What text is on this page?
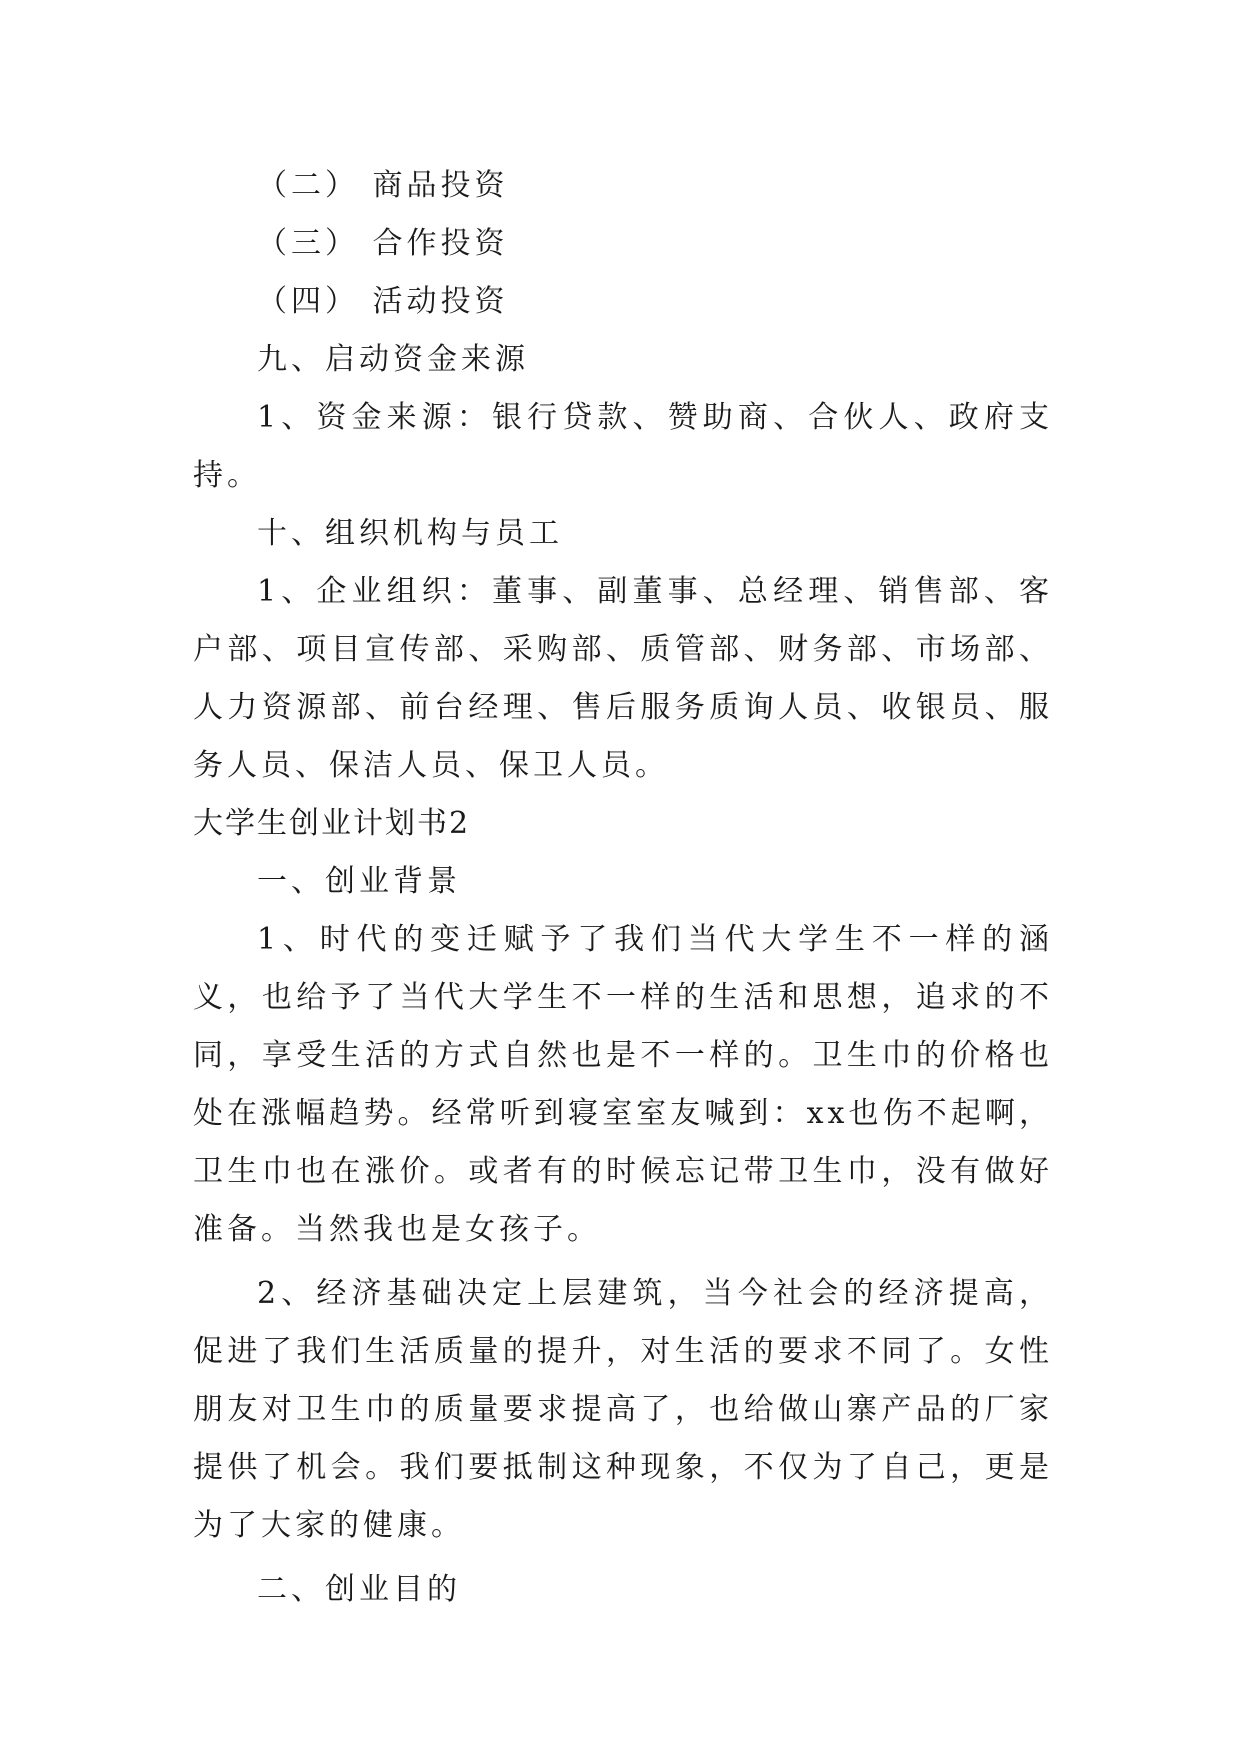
（二） 商品投资
（三） 合作投资
（四） 活动投资
九、启动资金来源

1、资金来源：银行贷款、赞助商、合伙人、政府支持。

十、组织机构与员工

1、企业组织：董事、副董事、总经理、销售部、客户部、项目宣传部、采购部、质管部、财务部、市场部、人力资源部、前台经理、售后服务质询人员、收银员、服务人员、保洁人员、保卫人员。

大学生创业计划书2
一、创业背景

1、时代的变迁赋予了我们当代大学生不一样的涵义，也给予了当代大学生不一样的生活和思想，追求的不同，享受生活的方式自然也是不一样的。卫生巾的价格也处在涨幅趋势。经常听到寝室室友喊到：xx也伤不起啊，卫生巾也在涨价。或者有的时候忘记带卫生巾，没有做好准备。当然我也是女孩子。

2、经济基础决定上层建筑，当今社会的经济提高，促进了我们生活质量的提升，对生活的要求不同了。女性朋友对卫生巾的质量要求提高了，也给做山寨产品的厂家提供了机会。我们要抵制这种现象，不仅为了自己，更是为了大家的健康。

二、创业目的
